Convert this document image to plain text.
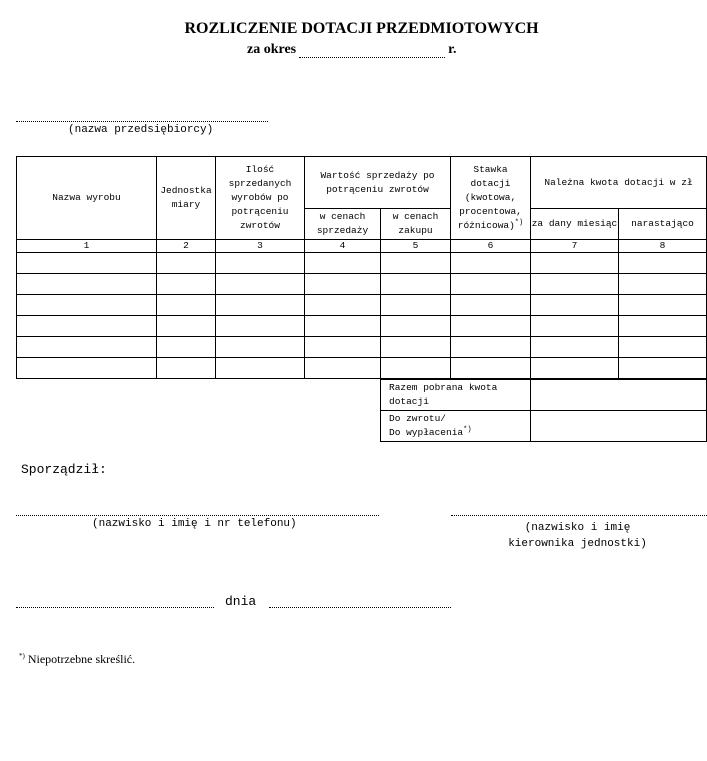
ROZLICZENIE DOTACJI PRZEDMIOTOWYCH
za okres	r.
(nazwa przedsiębiorcy)
Nazwa wyrobu	Jednostka miary	Ilość sprzedanych wyrobów po potrąceniu zwrotów	Wartość sprzedaży po potrąceniu zwrotów		Stawka dotacji (kwotowa, procentowa, różnicowa)*)	Należna kwota dotacji w zł	
			w cenach sprzedaży	w cenach zakupu		za dany miesiąc	narastająco
1	2	3	4	5	6	7	8

Razem pobrana kwota dotacji	
Do zwrotu/
Do wypłacenia*)	
Sporządził:
(nazwisko i imię i nr telefonu)	(nazwisko i imię
kierownika jednostki)
dnia
*) Niepotrzebne skreślić.
